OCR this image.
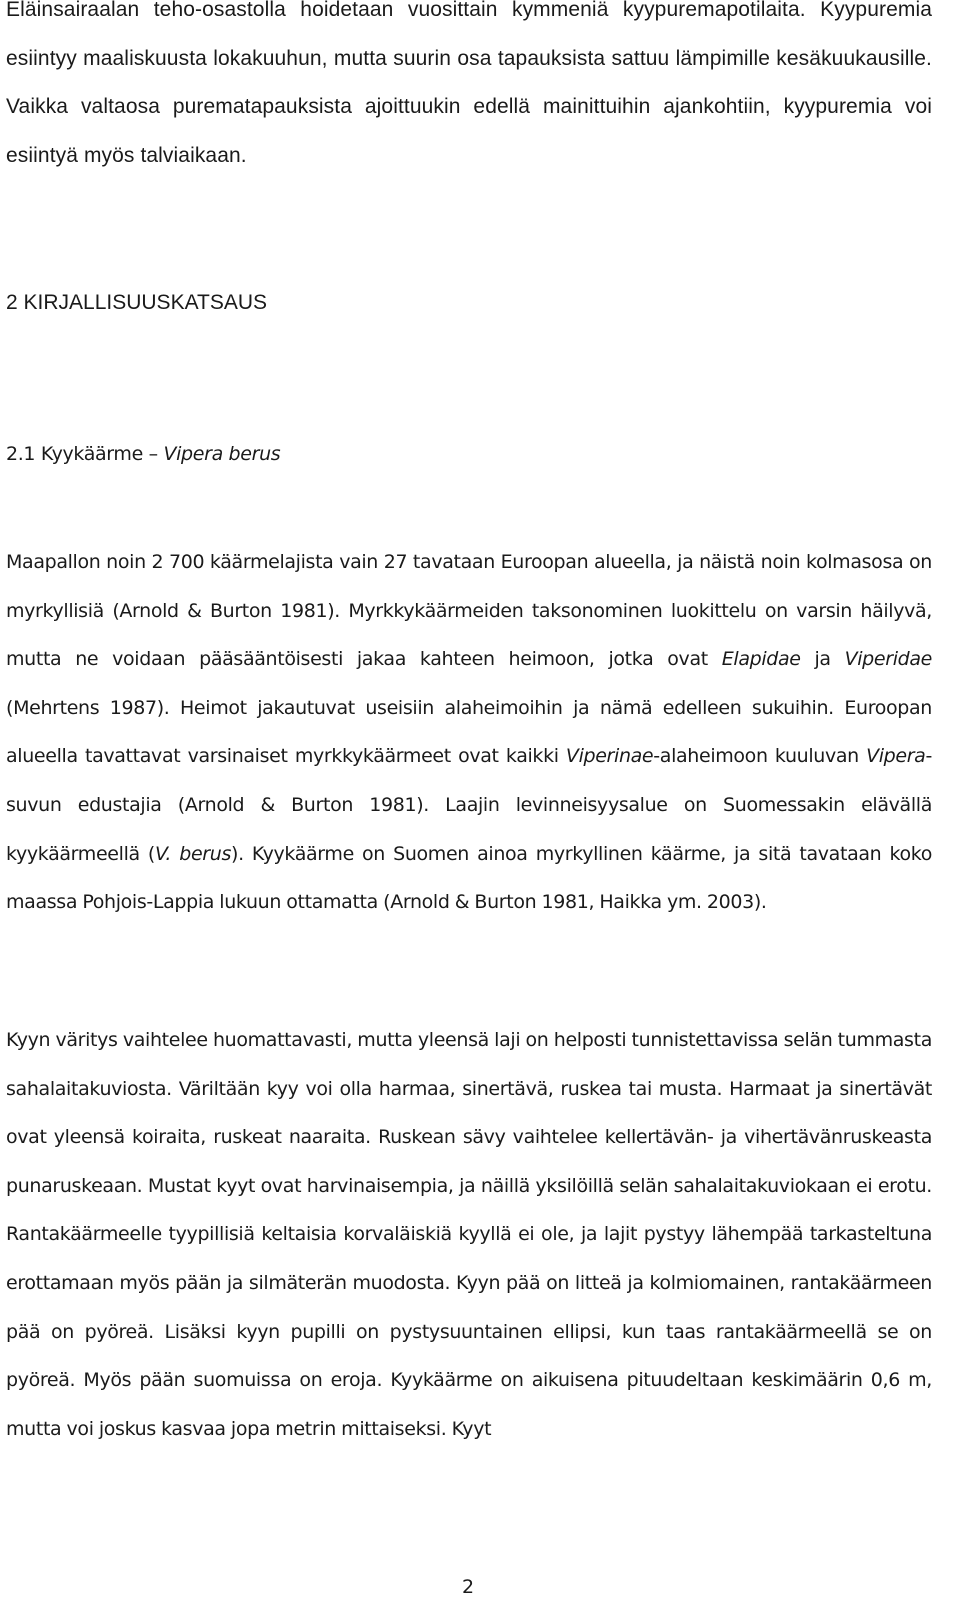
Eläinsairaalan teho-osastolla hoidetaan vuosittain kymmeniä kyypuremapotilaita. Kyypuremia esiintyy maaliskuusta lokakuuhun, mutta suurin osa tapauksista sattuu lämpimille kesäkuukausille. Vaikka valtaosa purematapauksista ajoittuukin edellä mainittuihin ajankohtiin, kyypuremia voi esiintyä myös talviaikaan.

2 KIRJALLISUUSKATSAUS
2.1 Kyykäärme – Vipera berus

Maapallon noin 2 700 käärmelajista vain 27 tavataan Euroopan alueella, ja näistä noin kolmasosa on myrkyllisiä (Arnold & Burton 1981). Myrkkykäärmeiden taksonominen luokittelu on varsin häilyvä, mutta ne voidaan pääsääntöisesti jakaa kahteen heimoon, jotka ovat Elapidae ja Viperidae (Mehrtens 1987). Heimot jakautuvat useisiin alaheimoihin ja nämä edelleen sukuihin. Euroopan alueella tavattavat varsinaiset myrkkykäärmeet ovat kaikki Viperinae-alaheimoon kuuluvan Vipera-suvun edustajia (Arnold & Burton 1981). Laajin levinneisyysalue on Suomessakin elävällä kyykäärmeellä (V. berus). Kyykäärme on Suomen ainoa myrkyllinen käärme, ja sitä tavataan koko maassa Pohjois-Lappia lukuun ottamatta (Arnold & Burton 1981, Haikka ym. 2003).

Kyyn väritys vaihtelee huomattavasti, mutta yleensä laji on helposti tunnistettavissa selän tummasta sahalaitakuviosta. Väriltään kyy voi olla harmaa, sinertävä, ruskea tai musta. Harmaat ja sinertävät ovat yleensä koiraita, ruskeat naaraita. Ruskean sävy vaihtelee kellertävän- ja vihertävänruskeasta punaruskeaan. Mustat kyyt ovat harvinaisempia, ja näillä yksilöillä selän sahalaitakuviokaan ei erotu. Rantakäärmeelle tyypillisiä keltaisia korvaläiskiä kyyllä ei ole, ja lajit pystyy lähempää tarkasteltuna erottamaan myös pään ja silmäterän muodosta. Kyyn pää on litteä ja kolmiomainen, rantakäärmeen pää on pyöreä. Lisäksi kyyn pupilli on pystysuuntainen ellipsi, kun taas rantakäärmeellä se on pyöreä. Myös pään suomuissa on eroja. Kyykäärme on aikuisena pituudeltaan keskimäärin 0,6 m, mutta voi joskus kasvaa jopa metrin mittaiseksi. Kyyt

2
